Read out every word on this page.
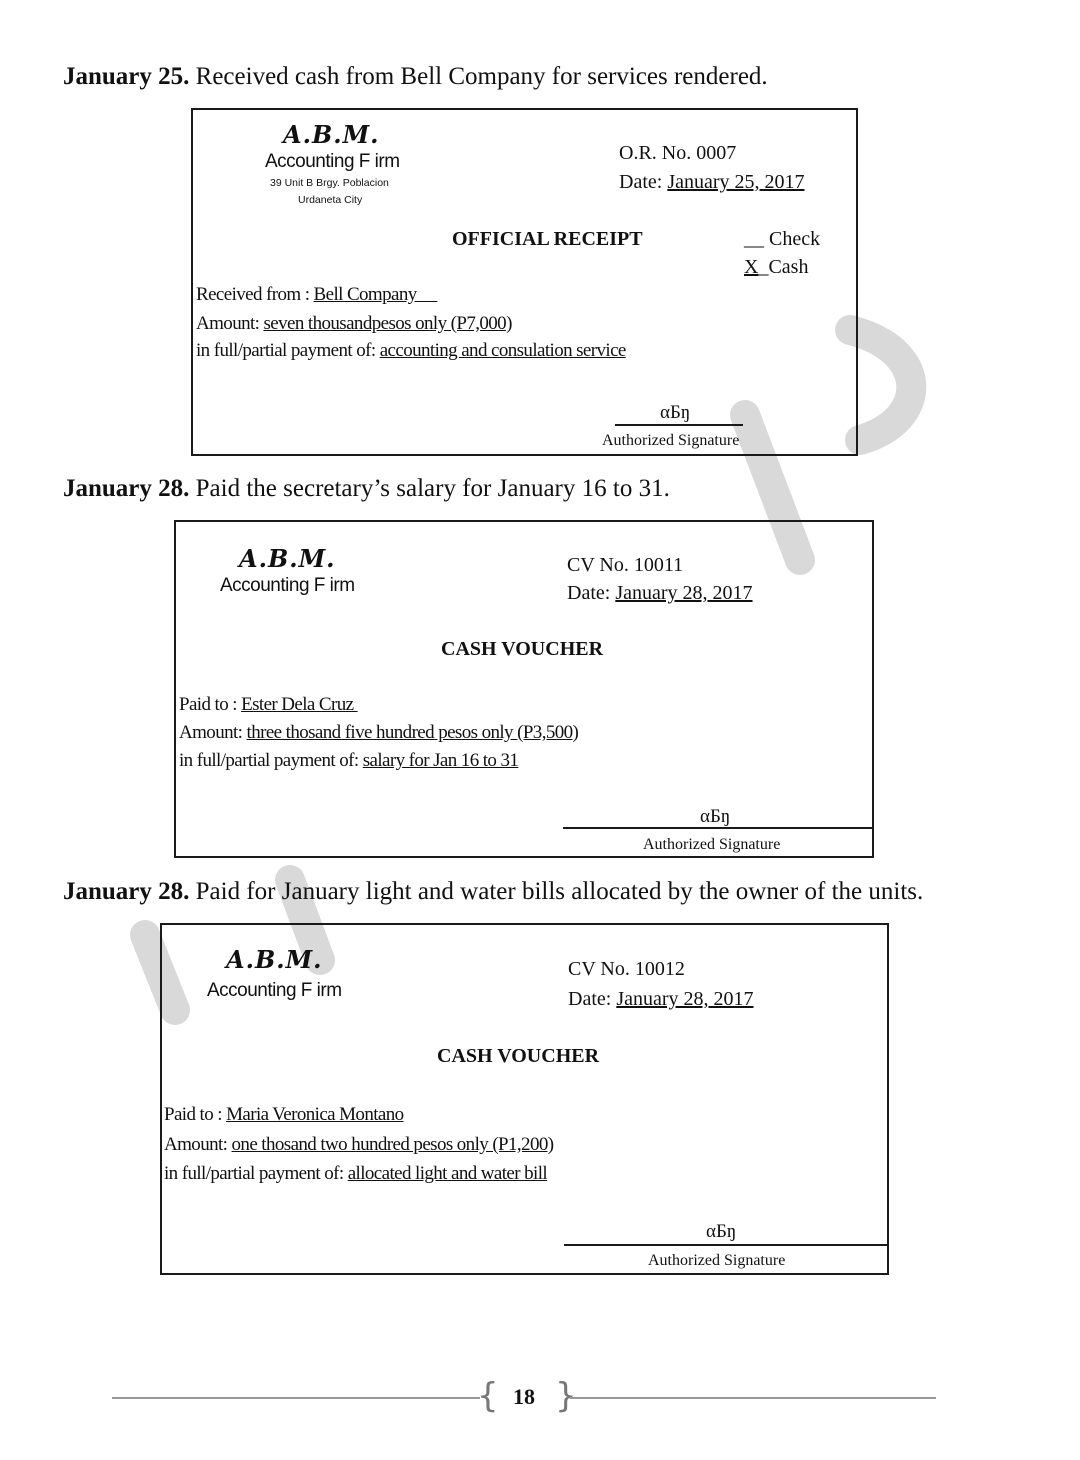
January 25. Received cash from Bell Company for services rendered.
A.B.M.
Accounting F irm
39 Unit B Brgy. Poblacion
Urdaneta City
O.R. No. 0007
Date: January 25, 2017
OFFICIAL RECEIPT	__ Check
X_Cash
Received from : Bell Company
Amount: seven thousandpesos only (P7,000)
in full/partial payment of: accounting and consulation service
αБŋ
Authorized Signature
January 28. Paid the secretary’s salary for January 16 to 31.
A.B.M.
Accounting F irm
CV No. 10011
Date: January 28, 2017
CASH VOUCHER
Paid to : Ester Dela Cruz
Amount: three thosand five hundred pesos only (P3,500)
in full/partial payment of: salary for Jan 16 to 31
αБŋ
Authorized Signature
January 28. Paid for January light and water bills allocated by the owner of the units.
A.B.M.
Accounting F irm
CV No. 10012
Date: January 28, 2017
CASH VOUCHER
Paid to : Maria Veronica Montano
Amount: one thosand two hundred pesos only (P1,200)
in full/partial payment of: allocated light and water bill
αБŋ
Authorized Signature
{ 18 }
